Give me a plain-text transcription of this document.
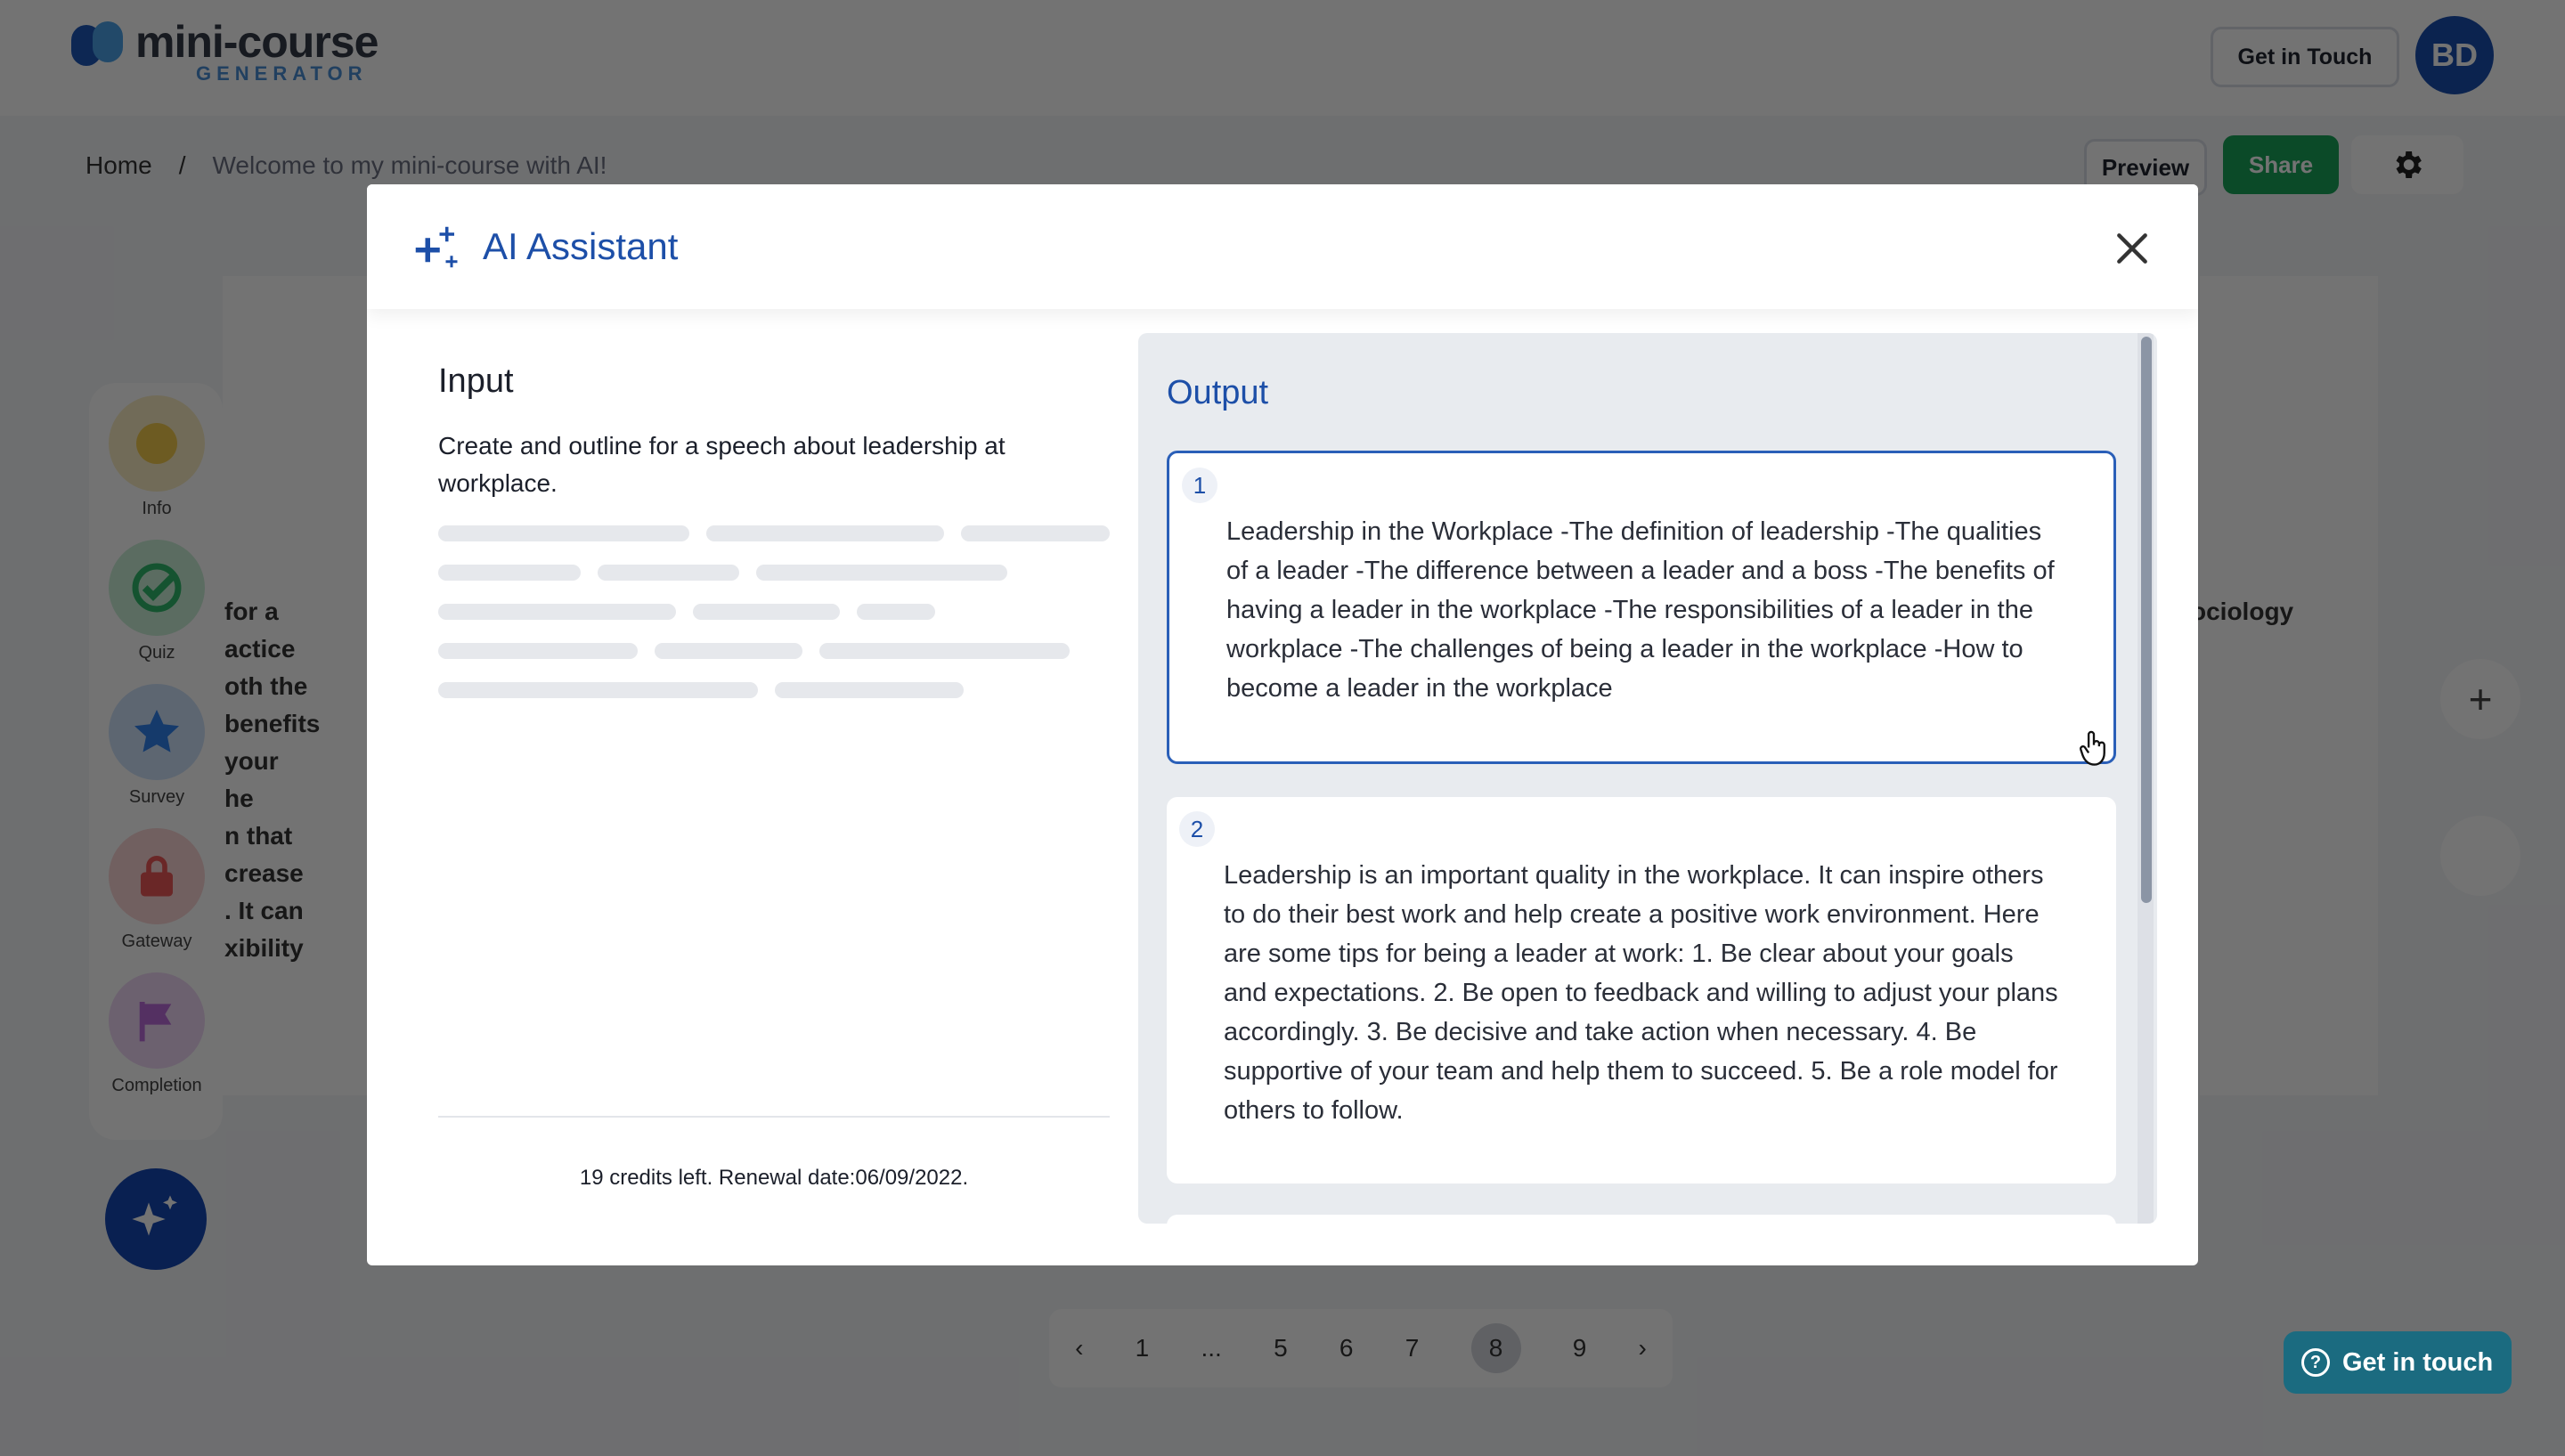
AI Assistant
Input
Create and outline for a speech about leadership at workplace.
19 credits left. Renewal date:06/09/2022.
Output
1
Leadership in the Workplace -The definition of leadership -The qualities of a leader -The difference between a leader and a boss -The benefits of having a leader in the workplace -The responsibilities of a leader in the workplace -The challenges of being a leader in the workplace -How to become a leader in the workplace
2
Leadership is an important quality in the workplace. It can inspire others to do their best work and help create a positive work environment. Here are some tips for being a leader at work: 1. Be clear about your goals and expectations. 2. Be open to feedback and willing to adjust your plans accordingly. 3. Be decisive and take action when necessary. 4. Be supportive of your team and help them to succeed. 5. Be a role model for others to follow.
? Get in touch
